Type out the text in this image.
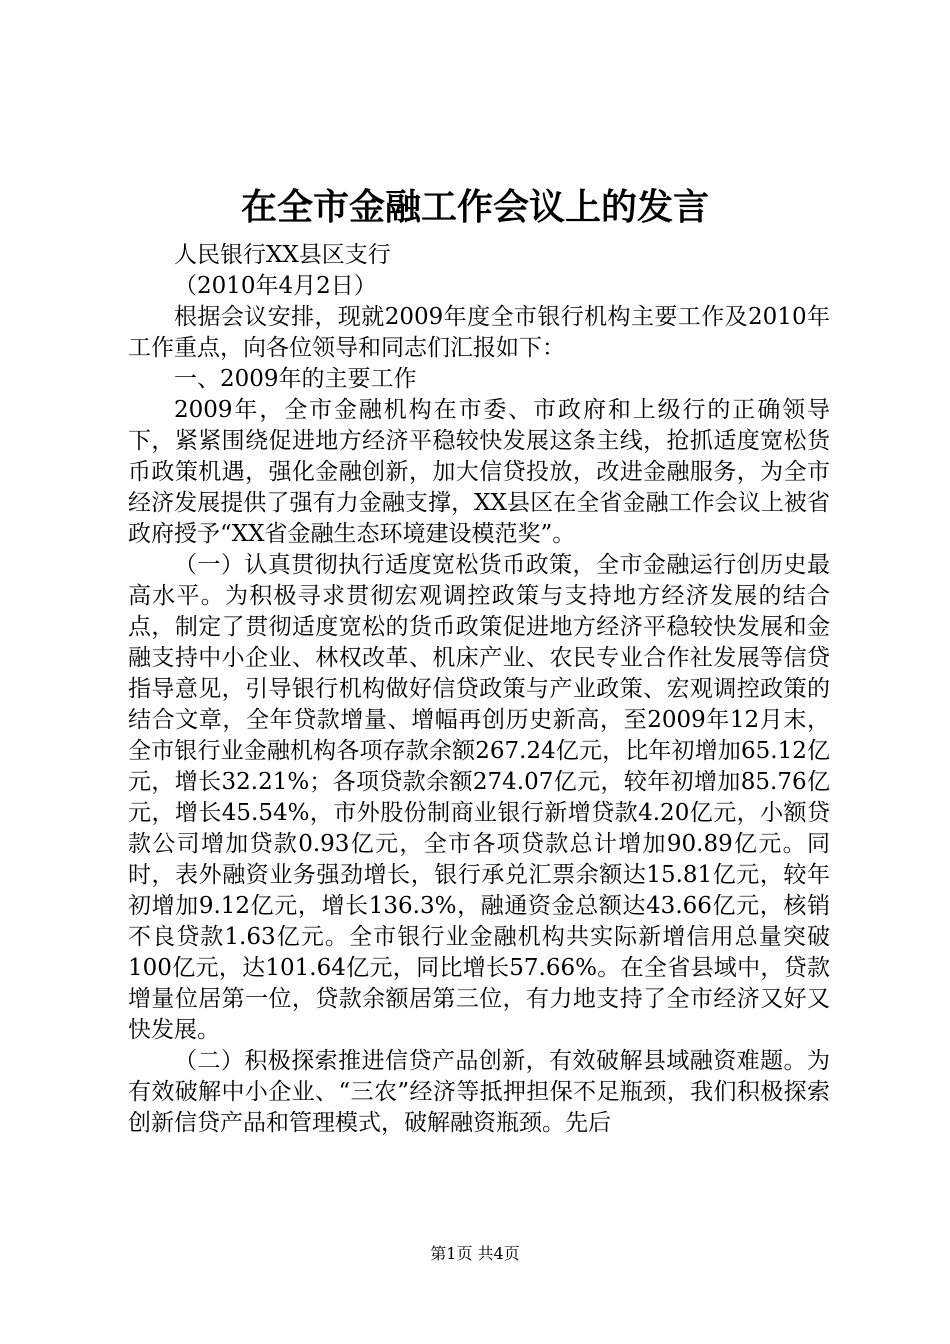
在全市金融工作会议上的发言

人民银行XX县区支行

（2010年4月2日）

根据会议安排，现就2009年度全市银行机构主要工作及2010年工作重点，向各位领导和同志们汇报如下：

一、2009年的主要工作

2009年，全市金融机构在市委、市政府和上级行的正确领导下，紧紧围绕促进地方经济平稳较快发展这条主线，抢抓适度宽松货币政策机遇，强化金融创新，加大信贷投放，改进金融服务，为全市经济发展提供了强有力金融支撑，XX县区在全省金融工作会议上被省政府授予“XX省金融生态环境建设模范奖”。

（一）认真贯彻执行适度宽松货币政策，全市金融运行创历史最高水平。为积极寻求贯彻宏观调控政策与支持地方经济发展的结合点，制定了贯彻适度宽松的货币政策促进地方经济平稳较快发展和金融支持中小企业、林权改革、机床产业、农民专业合作社发展等信贷指导意见，引导银行机构做好信贷政策与产业政策、宏观调控政策的结合文章，全年贷款增量、增幅再创历史新高，至2009年12月末，全市银行业金融机构各项存款余额267.24亿元，比年初增加65.12亿元，增长32.21%；各项贷款余额274.07亿元，较年初增加85.76亿元，增长45.54%，市外股份制商业银行新增贷款4.20亿元，小额贷款公司增加贷款0.93亿元，全市各项贷款总计增加90.89亿元。同时，表外融资业务强劲增长，银行承兑汇票余额达15.81亿元，较年初增加9.12亿元，增长136.3%，融通资金总额达43.66亿元，核销不良贷款1.63亿元。全市银行业金融机构共实际新增信用总量突破100亿元，达101.64亿元，同比增长57.66%。在全省县域中，贷款增量位居第一位，贷款余额居第三位，有力地支持了全市经济又好又快发展。

（二）积极探索推进信贷产品创新，有效破解县域融资难题。为有效破解中小企业、“三农”经济等抵押担保不足瓶颈，我们积极探索创新信贷产品和管理模式，破解融资瓶颈。先后

第1页 共4页
